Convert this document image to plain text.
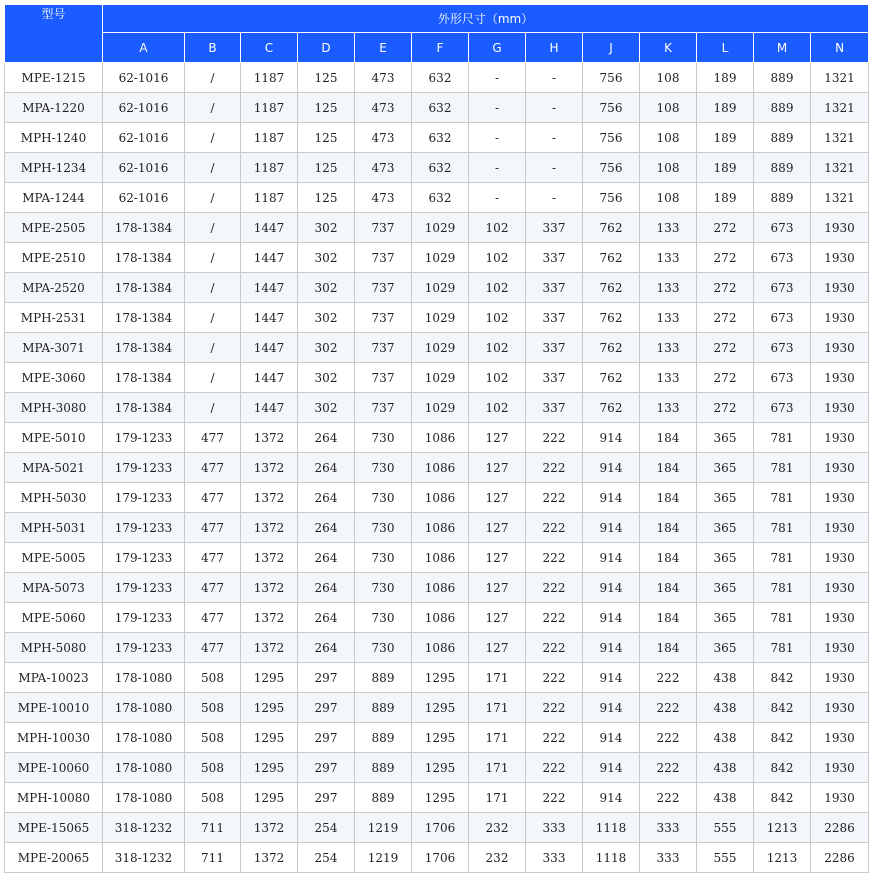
型号	外形尺寸（mm）												
	A	B	C	D	E	F	G	H	J	K	L	M	N
MPE-1215	62-1016	/	1187	125	473	632	-	-	756	108	189	889	1321
MPA-1220	62-1016	/	1187	125	473	632	-	-	756	108	189	889	1321
MPH-1240	62-1016	/	1187	125	473	632	-	-	756	108	189	889	1321
MPH-1234	62-1016	/	1187	125	473	632	-	-	756	108	189	889	1321
MPA-1244	62-1016	/	1187	125	473	632	-	-	756	108	189	889	1321
MPE-2505	178-1384	/	1447	302	737	1029	102	337	762	133	272	673	1930
MPE-2510	178-1384	/	1447	302	737	1029	102	337	762	133	272	673	1930
MPA-2520	178-1384	/	1447	302	737	1029	102	337	762	133	272	673	1930
MPH-2531	178-1384	/	1447	302	737	1029	102	337	762	133	272	673	1930
MPA-3071	178-1384	/	1447	302	737	1029	102	337	762	133	272	673	1930
MPE-3060	178-1384	/	1447	302	737	1029	102	337	762	133	272	673	1930
MPH-3080	178-1384	/	1447	302	737	1029	102	337	762	133	272	673	1930
MPE-5010	179-1233	477	1372	264	730	1086	127	222	914	184	365	781	1930
MPA-5021	179-1233	477	1372	264	730	1086	127	222	914	184	365	781	1930
MPH-5030	179-1233	477	1372	264	730	1086	127	222	914	184	365	781	1930
MPH-5031	179-1233	477	1372	264	730	1086	127	222	914	184	365	781	1930
MPE-5005	179-1233	477	1372	264	730	1086	127	222	914	184	365	781	1930
MPA-5073	179-1233	477	1372	264	730	1086	127	222	914	184	365	781	1930
MPE-5060	179-1233	477	1372	264	730	1086	127	222	914	184	365	781	1930
MPH-5080	179-1233	477	1372	264	730	1086	127	222	914	184	365	781	1930
MPA-10023	178-1080	508	1295	297	889	1295	171	222	914	222	438	842	1930
MPE-10010	178-1080	508	1295	297	889	1295	171	222	914	222	438	842	1930
MPH-10030	178-1080	508	1295	297	889	1295	171	222	914	222	438	842	1930
MPE-10060	178-1080	508	1295	297	889	1295	171	222	914	222	438	842	1930
MPH-10080	178-1080	508	1295	297	889	1295	171	222	914	222	438	842	1930
MPE-15065	318-1232	711	1372	254	1219	1706	232	333	1118	333	555	1213	2286
MPE-20065	318-1232	711	1372	254	1219	1706	232	333	1118	333	555	1213	2286
